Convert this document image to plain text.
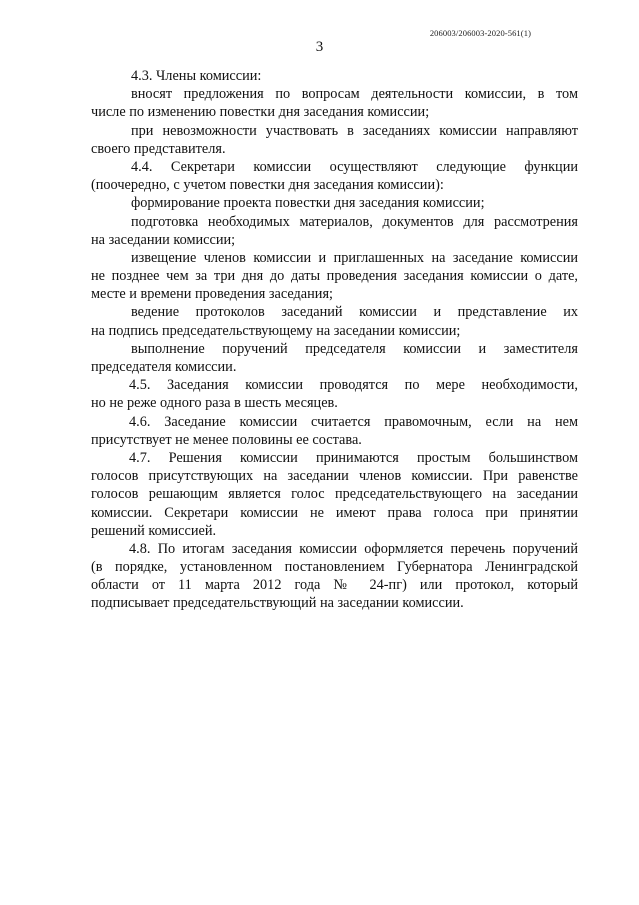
206003/206003-2020-561(1)
3
4.3. Члены комиссии:
вносят предложения по вопросам деятельности комиссии, в том
числе по изменению повестки дня заседания комиссии;
при невозможности участвовать в заседаниях комиссии направляют
своего представителя.
4.4. Секретари комиссии осуществляют следующие функции
(поочередно, с учетом повестки дня заседания комиссии):
формирование проекта повестки дня заседания комиссии;
подготовка необходимых материалов, документов для рассмотрения
на заседании комиссии;
извещение членов комиссии и приглашенных на заседание комиссии
не позднее чем за три дня до даты проведения заседания комиссии о дате,
месте и времени проведения заседания;
ведение протоколов заседаний комиссии и представление их
на подпись председательствующему на заседании комиссии;
выполнение поручений председателя комиссии и заместителя
председателя комиссии.
4.5. Заседания комиссии проводятся по мере необходимости,
но не реже одного раза в шесть месяцев.
4.6. Заседание комиссии считается правомочным, если на нем
присутствует не менее половины ее состава.
4.7. Решения комиссии принимаются простым большинством
голосов присутствующих на заседании членов комиссии. При равенстве
голосов решающим является голос председательствующего на заседании
комиссии. Секретари комиссии не имеют права голоса при принятии
решений комиссией.
4.8. По итогам заседания комиссии оформляется перечень поручений
(в порядке, установленном постановлением Губернатора Ленинградской
области от 11 марта 2012 года № 24-пг) или протокол, который
подписывает председательствующий на заседании комиссии.
